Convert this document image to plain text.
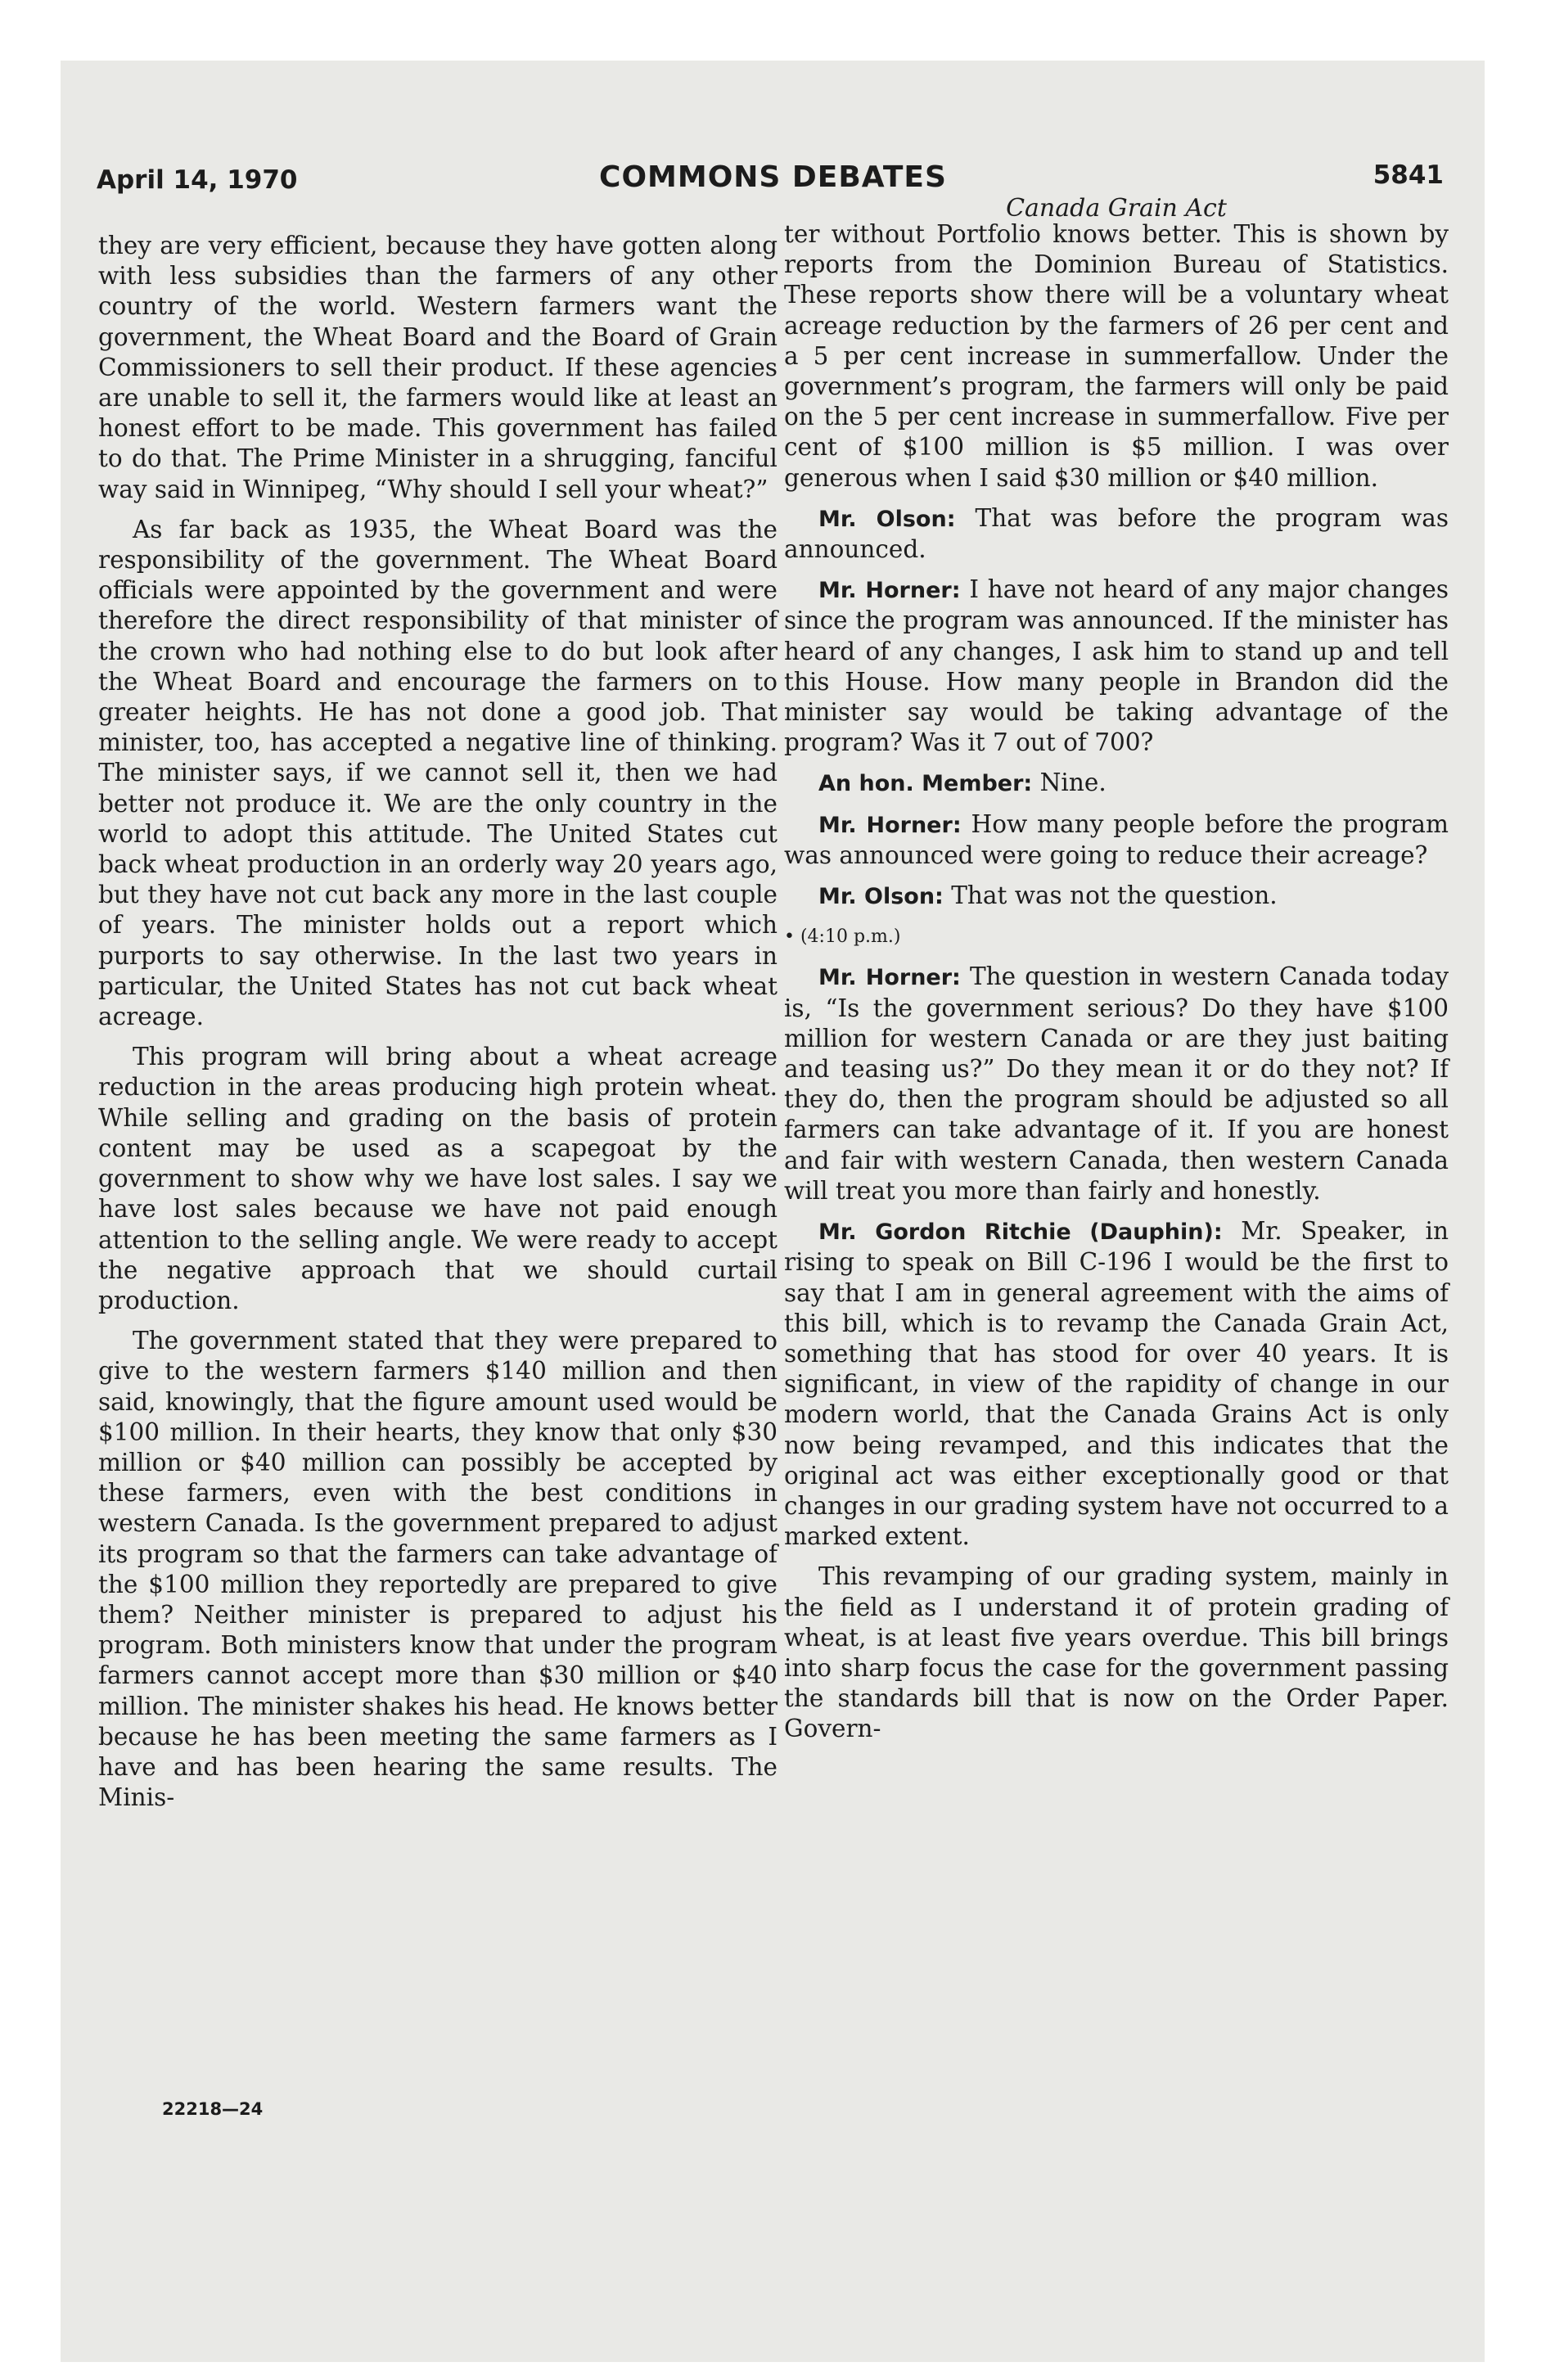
April 14, 1970	COMMONS DEBATES	5841
Canada Grain Act

they are very efficient, because they have gotten along with less subsidies than the farmers of any other country of the world. Western farmers want the government, the Wheat Board and the Board of Grain Commissioners to sell their product. If these agencies are unable to sell it, the farmers would like at least an honest effort to be made. This government has failed to do that. The Prime Minister in a shrugging, fanciful way said in Winnipeg, “Why should I sell your wheat?”

As far back as 1935, the Wheat Board was the responsibility of the government. The Wheat Board officials were appointed by the government and were therefore the direct responsibility of that minister of the crown who had nothing else to do but look after the Wheat Board and encourage the farmers on to greater heights. He has not done a good job. That minister, too, has accepted a negative line of thinking. The minister says, if we cannot sell it, then we had better not produce it. We are the only country in the world to adopt this attitude. The United States cut back wheat production in an orderly way 20 years ago, but they have not cut back any more in the last couple of years. The minister holds out a report which purports to say otherwise. In the last two years in particular, the United States has not cut back wheat acreage.

This program will bring about a wheat acreage reduction in the areas producing high protein wheat. While selling and grading on the basis of protein content may be used as a scapegoat by the government to show why we have lost sales. I say we have lost sales because we have not paid enough attention to the selling angle. We were ready to accept the negative approach that we should curtail production.

The government stated that they were prepared to give to the western farmers $140 million and then said, knowingly, that the figure amount used would be $100 million. In their hearts, they know that only $30 million or $40 million can possibly be accepted by these farmers, even with the best conditions in western Canada. Is the government prepared to adjust its program so that the farmers can take advantage of the $100 million they reportedly are prepared to give them? Neither minister is prepared to adjust his program. Both ministers know that under the program farmers cannot accept more than $30 million or $40 million. The minister shakes his head. He knows better because he has been meeting the same farmers as I have and has been hearing the same results. The Minis-

ter without Portfolio knows better. This is shown by reports from the Dominion Bureau of Statistics. These reports show there will be a voluntary wheat acreage reduction by the farmers of 26 per cent and a 5 per cent increase in summerfallow. Under the government’s program, the farmers will only be paid on the 5 per cent increase in summerfallow. Five per cent of $100 million is $5 million. I was over generous when I said $30 million or $40 million.

Mr. Olson: That was before the program was announced.

Mr. Horner: I have not heard of any major changes since the program was announced. If the minister has heard of any changes, I ask him to stand up and tell this House. How many people in Brandon did the minister say would be taking advantage of the program? Was it 7 out of 700?

An hon. Member: Nine.

Mr. Horner: How many people before the program was announced were going to reduce their acreage?

Mr. Olson: That was not the question.

• (4:10 p.m.)

Mr. Horner: The question in western Canada today is, “Is the government serious? Do they have $100 million for western Canada or are they just baiting and teasing us?” Do they mean it or do they not? If they do, then the program should be adjusted so all farmers can take advantage of it. If you are honest and fair with western Canada, then western Canada will treat you more than fairly and honestly.

Mr. Gordon Ritchie (Dauphin): Mr. Speaker, in rising to speak on Bill C-196 I would be the first to say that I am in general agreement with the aims of this bill, which is to revamp the Canada Grain Act, something that has stood for over 40 years. It is significant, in view of the rapidity of change in our modern world, that the Canada Grains Act is only now being revamped, and this indicates that the original act was either exceptionally good or that changes in our grading system have not occurred to a marked extent.

This revamping of our grading system, mainly in the field as I understand it of protein grading of wheat, is at least five years overdue. This bill brings into sharp focus the case for the government passing the standards bill that is now on the Order Paper. Govern-

22218—24
